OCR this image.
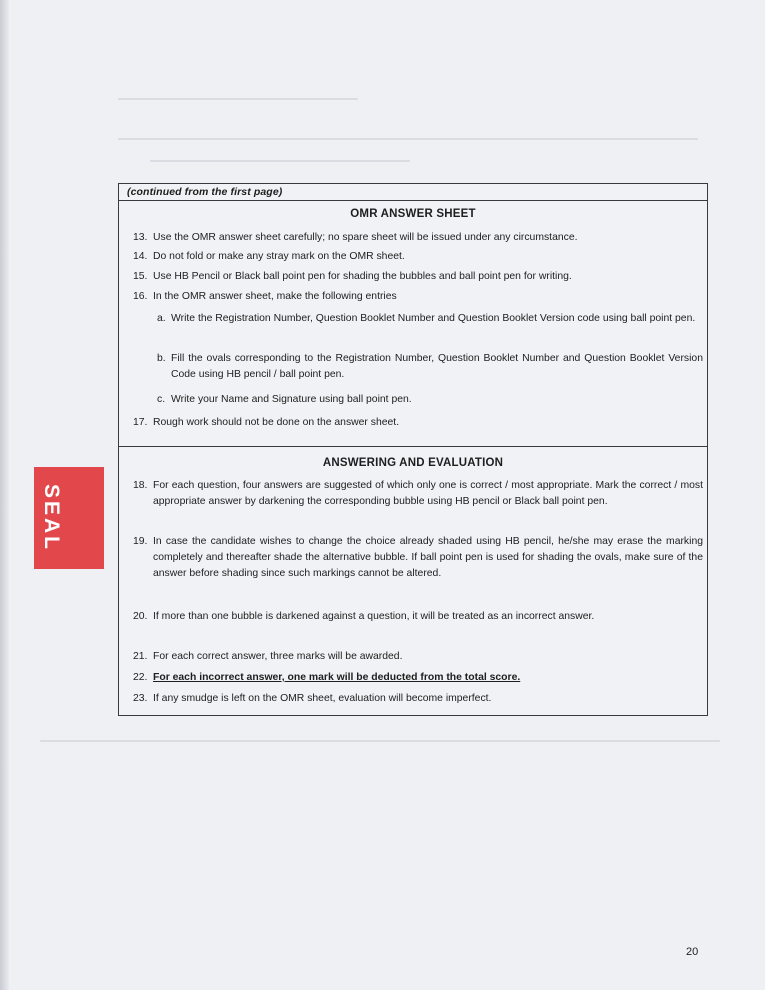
SEAL
(continued from the first page)
OMR ANSWER SHEET
13. Use the OMR answer sheet carefully; no spare sheet will be issued under any circumstance.
14. Do not fold or make any stray mark on the OMR sheet.
15. Use HB Pencil or Black ball point pen for shading the bubbles and ball point pen for writing.
16. In the OMR answer sheet, make the following entries
a. Write the Registration Number, Question Booklet Number and Question Booklet Version code using ball point pen.
b. Fill the ovals corresponding to the Registration Number, Question Booklet Number and Question Booklet Version Code using HB pencil / ball point pen.
c. Write your Name and Signature using ball point pen.
17. Rough work should not be done on the answer sheet.
ANSWERING AND EVALUATION
18. For each question, four answers are suggested of which only one is correct / most appropriate. Mark the correct / most appropriate answer by darkening the corresponding bubble using HB pencil or Black ball point pen.
19. In case the candidate wishes to change the choice already shaded using HB pencil, he/she may erase the marking completely and thereafter shade the alternative bubble. If ball point pen is used for shading the ovals, make sure of the answer before shading since such markings cannot be altered.
20. If more than one bubble is darkened against a question, it will be treated as an incorrect answer.
21. For each correct answer, three marks will be awarded.
22. For each incorrect answer, one mark will be deducted from the total score.
23. If any smudge is left on the OMR sheet, evaluation will become imperfect.
20
